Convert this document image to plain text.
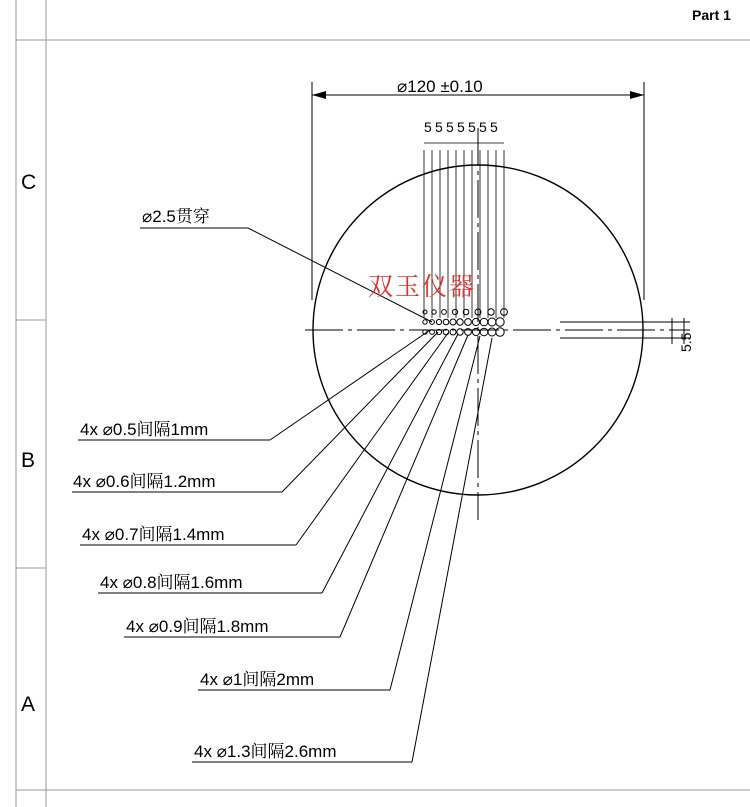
Part 1
C
B
A
⌀120 ±0.10
5 5 5 5 5 5 5
⌀2.5贯穿
双玉仪器
5.5
4x ⌀0.5间隔1mm
4x ⌀0.6间隔1.2mm
4x ⌀0.7间隔1.4mm
4x ⌀0.8间隔1.6mm
4x ⌀0.9间隔1.8mm
4x ⌀1间隔2mm
4x ⌀1.3间隔2.6mm
